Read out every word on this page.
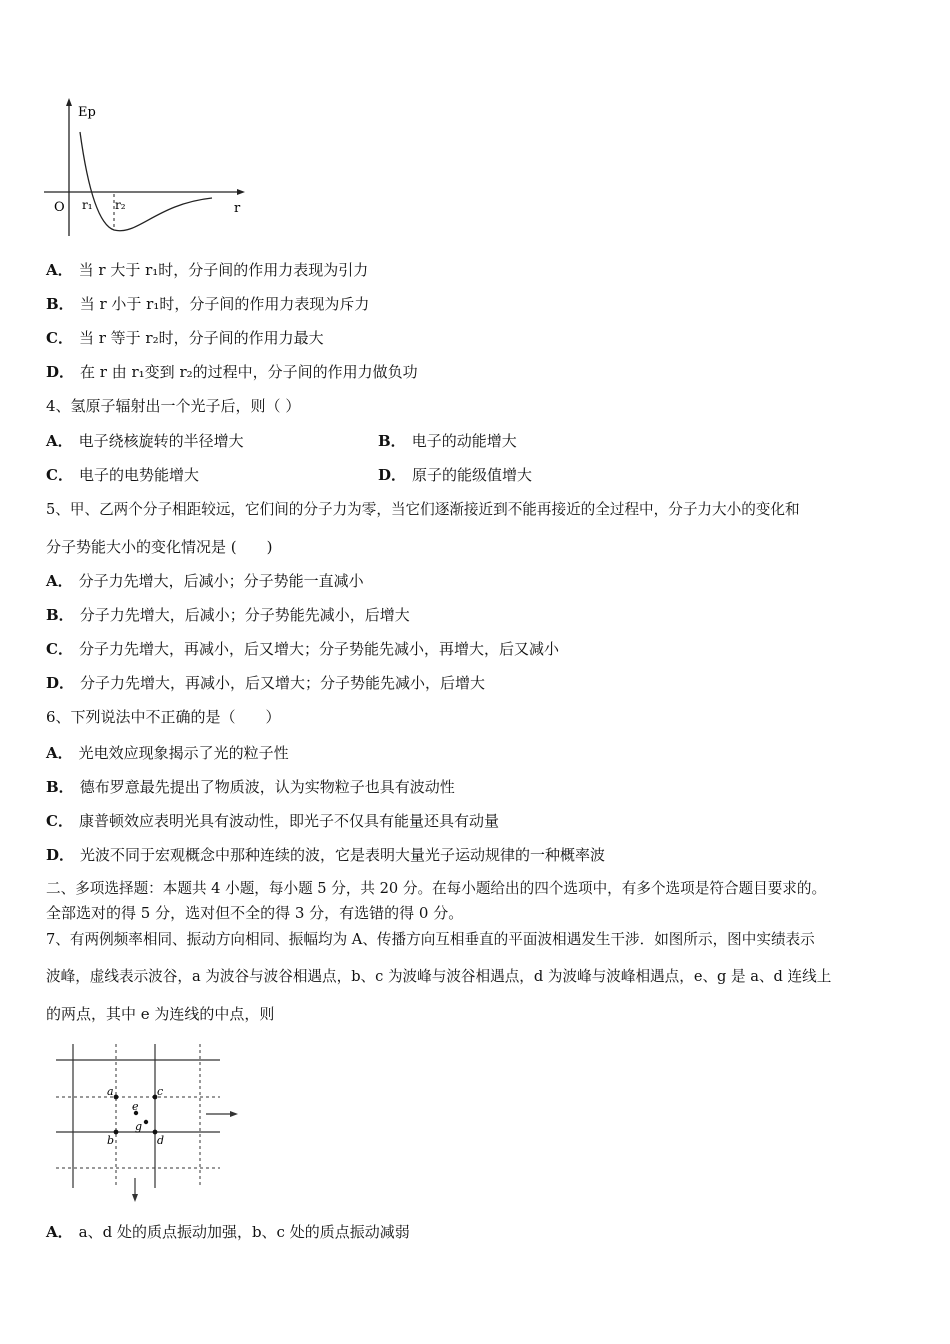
Ep
O r₁ r₂	r
A． 当 r 大于 r₁时，分子间的作用力表现为引力
B． 当 r 小于 r₁时，分子间的作用力表现为斥力
C． 当 r 等于 r₂时，分子间的作用力最大
D． 在 r 由 r₁变到 r₂的过程中，分子间的作用力做负功
4、氢原子辐射出一个光子后，则（ ）
A． 电子绕核旋转的半径增大	B． 电子的动能增大
C． 电子的电势能增大	D． 原子的能级值增大
5、甲、乙两个分子相距较远，它们间的分子力为零，当它们逐渐接近到不能再接近的全过程中，分子力大小的变化和
分子势能大小的变化情况是 (　　)
A． 分子力先增大，后减小；分子势能一直减小
B． 分子力先增大，后减小；分子势能先减小，后增大
C． 分子力先增大，再减小，后又增大；分子势能先减小，再增大，后又减小
D． 分子力先增大，再减小，后又增大；分子势能先减小，后增大
6、下列说法中不正确的是（　　）
A． 光电效应现象揭示了光的粒子性
B． 德布罗意最先提出了物质波，认为实物粒子也具有波动性
C． 康普顿效应表明光具有波动性，即光子不仅具有能量还具有动量
D． 光波不同于宏观概念中那种连续的波，它是表明大量光子运动规律的一种概率波
二、多项选择题：本题共 4 小题，每小题 5 分，共 20 分。在每小题给出的四个选项中，有多个选项是符合题目要求的。
全部选对的得 5 分，选对但不全的得 3 分，有选错的得 0 分。
7、有两例频率相同、振动方向相同、振幅均为 A、传播方向互相垂直的平面波相遇发生干涉．如图所示，图中实绩表示
波峰，虚线表示波谷，a 为波谷与波谷相遇点，b、c 为波峰与波谷相遇点，d 为波峰与波峰相遇点，e、g 是 a、d 连线上
的两点，其中 e 为连线的中点，则
a	c
b	d
e
g
A． a、d 处的质点振动加强，b、c 处的质点振动减弱
